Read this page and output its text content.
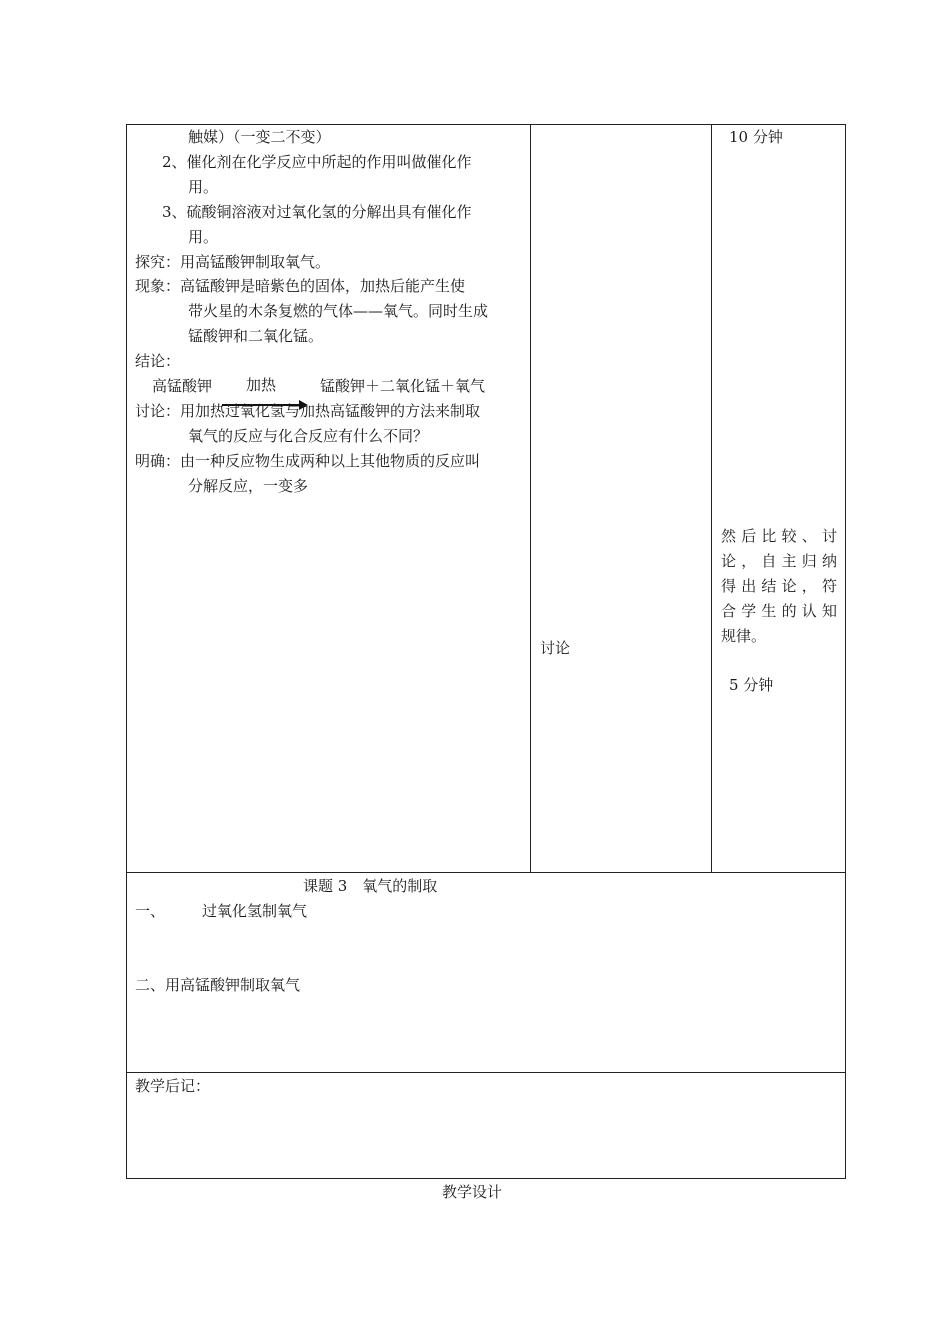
触媒）（一变二不变）
2、催化剂在化学反应中所起的作用叫做催化作
用。
3、硫酸铜溶液对过氧化氢的分解出具有催化作
用。
探究：用高锰酸钾制取氧气。
现象：高锰酸钾是暗紫色的固体，加热后能产生使
带火星的木条复燃的气体——氧气。同时生成
锰酸钾和二氧化锰。
结论：
高锰酸钾 加热	锰酸钾＋二氧化锰＋氧气
讨论：用加热过氧化氢与加热高锰酸钾的方法来制取
氧气的反应与化合反应有什么不同？
明确：由一种反应物生成两种以上其他物质的反应叫
分解反应，一变多
讨论
10 分钟
然后比较、讨
论，自主归纳
得出结论，符
合学生的认知
规律。
5 分钟
课题 3　氧气的制取
一、 过氧化氢制氧气
二、用高锰酸钾制取氧气
教学后记：
教学设计
